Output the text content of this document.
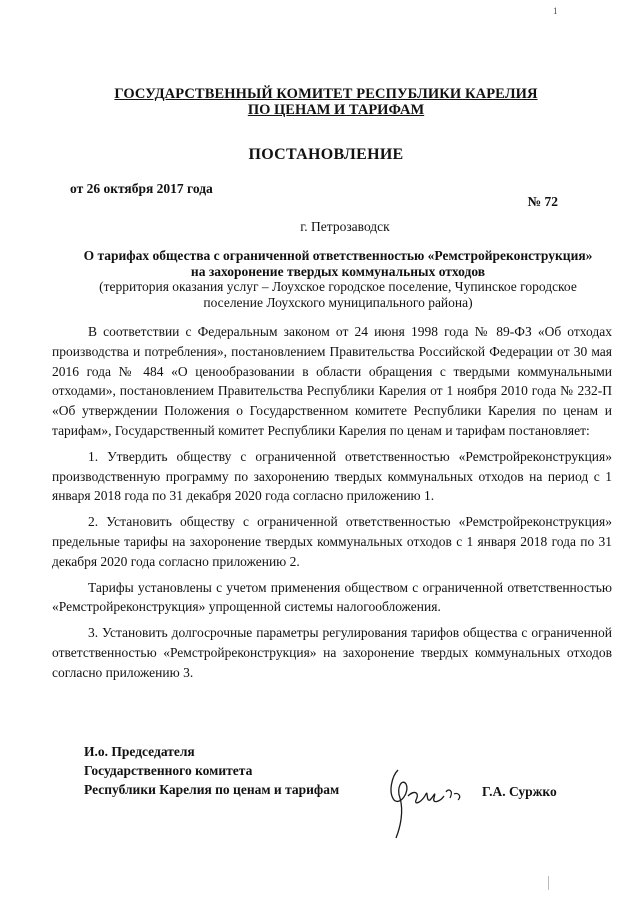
1
ГОСУДАРСТВЕННЫЙ КОМИТЕТ РЕСПУБЛИКИ КАРЕЛИЯ
ПО ЦЕНАМ И ТАРИФАМ
ПОСТАНОВЛЕНИЕ
от 26 октября 2017 года
№ 72
г. Петрозаводск
О тарифах общества с ограниченной ответственностью «Ремстройреконструкция»
на захоронение твердых коммунальных отходов
(территория оказания услуг – Лоухское городское поселение, Чупинское городское
поселение Лоухского муниципального района)

В соответствии с Федеральным законом от 24 июня 1998 года № 89-ФЗ «Об отходах производства и потребления», постановлением Правительства Российской Федерации от 30 мая 2016 года № 484 «О ценообразовании в области обращения с твердыми коммунальными отходами», постановлением Правительства Республики Карелия от 1 ноября 2010 года № 232-П «Об утверждении Положения о Государственном комитете Республики Карелия по ценам и тарифам», Государственный комитет Республики Карелия по ценам и тарифам постановляет:

1. Утвердить обществу с ограниченной ответственностью «Ремстройреконструкция» производственную программу по захоронению твердых коммунальных отходов на период с 1 января 2018 года по 31 декабря 2020 года согласно приложению 1.

2. Установить обществу с ограниченной ответственностью «Ремстройреконструкция» предельные тарифы на захоронение твердых коммунальных отходов с 1 января 2018 года по 31 декабря 2020 года согласно приложению 2.

Тарифы установлены с учетом применения обществом с ограниченной ответственностью «Ремстройреконструкция» упрощенной системы налогообложения.

3. Установить долгосрочные параметры регулирования тарифов общества с ограниченной ответственностью «Ремстройреконструкция» на захоронение твердых коммунальных отходов согласно приложению 3.

И.о. Председателя
Государственного комитета
Республики Карелия по ценам и тарифам	Г.А. Суржко
